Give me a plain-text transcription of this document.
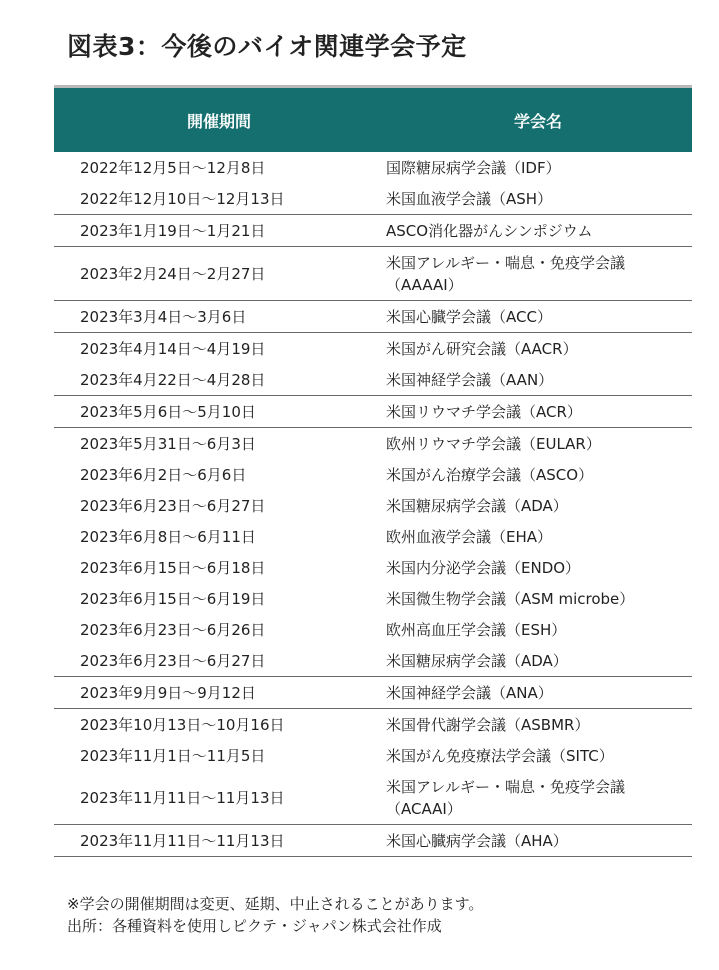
図表3：今後のバイオ関連学会予定
開催期間	学会名
2022年12月5日～12月8日	国際糖尿病学会議（IDF）
2022年12月10日～12月13日	米国血液学会議（ASH）
2023年1月19日～1月21日	ASCO消化器がんシンポジウム
2023年2月24日～2月27日	米国アレルギー・喘息・免疫学会議
（AAAAI）

2023年3月4日～3月6日	米国心臓学会議（ACC）
2023年4月14日～4月19日	米国がん研究会議（AACR）
2023年4月22日～4月28日	米国神経学会議（AAN）
2023年5月6日～5月10日	米国リウマチ学会議（ACR）
2023年5月31日～6月3日	欧州リウマチ学会議（EULAR）
2023年6月2日～6月6日	米国がん治療学会議（ASCO）
2023年6月23日～6月27日	米国糖尿病学会議（ADA）
2023年6月8日～6月11日	欧州血液学会議（EHA）
2023年6月15日～6月18日	米国内分泌学会議（ENDO）
2023年6月15日～6月19日	米国微生物学会議（ASM microbe）
2023年6月23日～6月26日	欧州高血圧学会議（ESH）
2023年6月23日～6月27日	米国糖尿病学会議（ADA）
2023年9月9日～9月12日	米国神経学会議（ANA）
2023年10月13日～10月16日	米国骨代謝学会議（ASBMR）
2023年11月1日～11月5日	米国がん免疫療法学会議（SITC）
2023年11月11日～11月13日	米国アレルギー・喘息・免疫学会議
（ACAAI）

2023年11月11日～11月13日	米国心臓病学会議（AHA）
※学会の開催期間は変更、延期、中止されることがあります。
出所：各種資料を使用しピクテ・ジャパン株式会社作成
